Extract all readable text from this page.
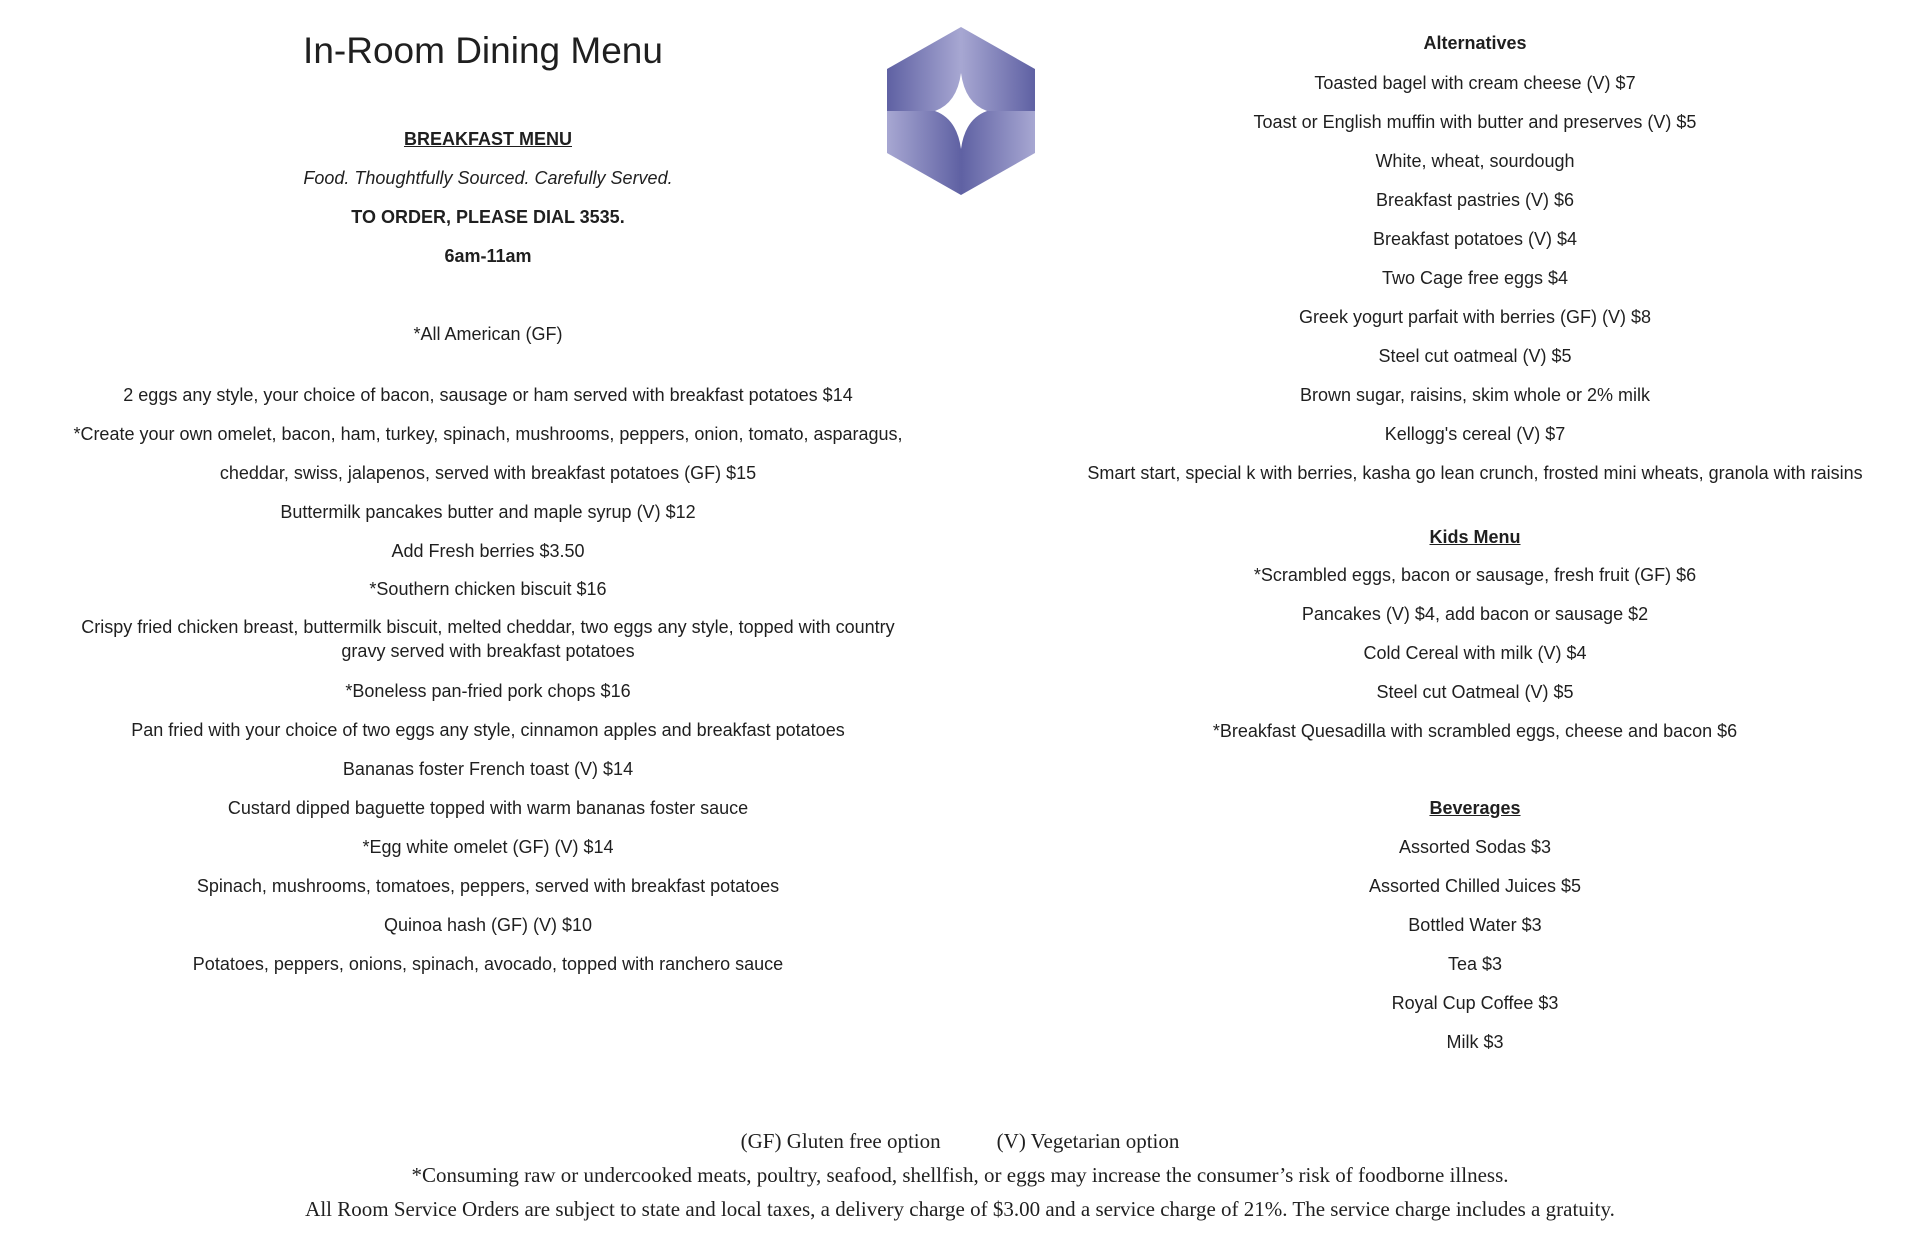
In-Room Dining Menu
BREAKFAST MENU
Food. Thoughtfully Sourced. Carefully Served.
TO ORDER, PLEASE DIAL 3535.
6am-11am
*All American (GF)
2 eggs any style, your choice of bacon, sausage or ham served with breakfast potatoes $14
*Create your own omelet, bacon, ham, turkey, spinach, mushrooms, peppers, onion, tomato, asparagus,
cheddar, swiss, jalapenos, served with breakfast potatoes (GF) $15
Buttermilk pancakes butter and maple syrup (V) $12
Add Fresh berries $3.50
*Southern chicken biscuit $16
Crispy fried chicken breast, buttermilk biscuit, melted cheddar, two eggs any style, topped with country gravy served with breakfast potatoes
*Boneless pan-fried pork chops $16
Pan fried with your choice of two eggs any style, cinnamon apples and breakfast potatoes
Bananas foster French toast (V) $14
Custard dipped baguette topped with warm bananas foster sauce
*Egg white omelet (GF) (V) $14
Spinach, mushrooms, tomatoes, peppers, served with breakfast potatoes
Quinoa hash (GF) (V) $10
Potatoes, peppers, onions, spinach, avocado, topped with ranchero sauce
Alternatives
Toasted bagel with cream cheese (V) $7
Toast or English muffin with butter and preserves (V) $5
White, wheat, sourdough
Breakfast pastries (V) $6
Breakfast potatoes (V) $4
Two Cage free eggs $4
Greek yogurt parfait with berries (GF) (V) $8
Steel cut oatmeal (V) $5
Brown sugar, raisins, skim whole or 2% milk
Kellogg's cereal (V) $7
Smart start, special k with berries, kasha go lean crunch, frosted mini wheats, granola with raisins
Kids Menu
*Scrambled eggs, bacon or sausage, fresh fruit (GF) $6
Pancakes (V) $4, add bacon or sausage $2
Cold Cereal with milk (V) $4
Steel cut Oatmeal (V) $5
*Breakfast Quesadilla with scrambled eggs, cheese and bacon $6
Beverages
Assorted Sodas $3
Assorted Chilled Juices $5
Bottled Water $3
Tea $3
Royal Cup Coffee $3
Milk $3
(GF) Gluten free option	(V) Vegetarian option
*Consuming raw or undercooked meats, poultry, seafood, shellfish, or eggs may increase the consumer’s risk of foodborne illness.
All Room Service Orders are subject to state and local taxes, a delivery charge of $3.00 and a service charge of 21%. The service charge includes a gratuity.
